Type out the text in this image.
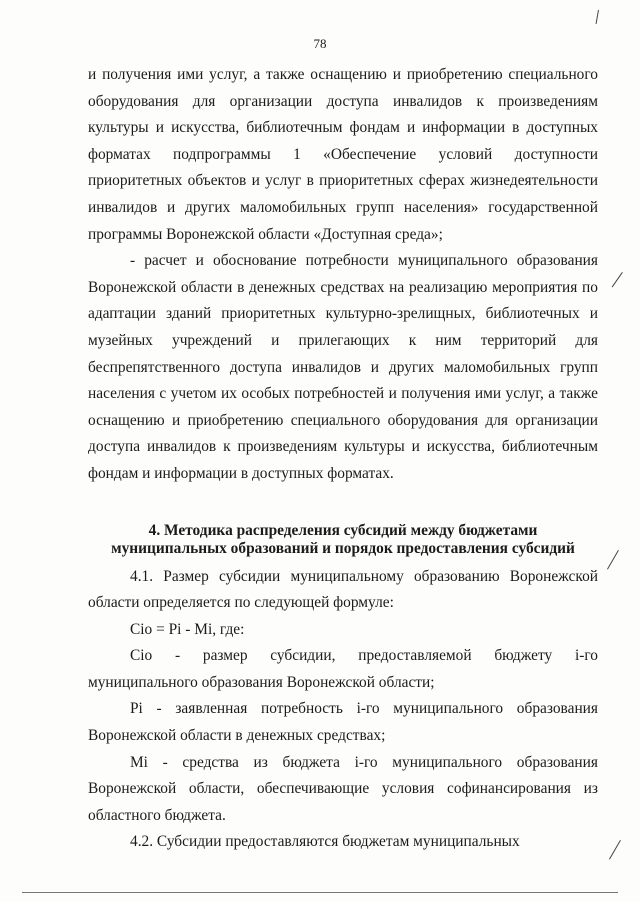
78

и получения ими услуг, а также оснащению и приобретению специального оборудования для организации доступа инвалидов к произведениям культуры и искусства, библиотечным фондам и информации в доступных форматах подпрограммы 1 «Обеспечение условий доступности приоритетных объектов и услуг в приоритетных сферах жизнедеятельности инвалидов и других маломобильных групп населения» государственной программы Воронежской области «Доступная среда»;

- расчет и обоснование потребности муниципального образования Воронежской области в денежных средствах на реализацию мероприятия по адаптации зданий приоритетных культурно-зрелищных, библиотечных и музейных учреждений и прилегающих к ним территорий для беспрепятственного доступа инвалидов и других маломобильных групп населения с учетом их особых потребностей и получения ими услуг, а также оснащению и приобретению специального оборудования для организации доступа инвалидов к произведениям культуры и искусства, библиотечным фондам и информации в доступных форматах.

4. Методика распределения субсидий между бюджетами
муниципальных образований и порядок предоставления субсидий

4.1. Размер субсидии муниципальному образованию Воронежской области определяется по следующей формуле:

Сio = Pi - Mi, где:

Сio - размер субсидии, предоставляемой бюджету i-го муниципального образования Воронежской области;

Pi - заявленная потребность i-го муниципального образования Воронежской области в денежных средствах;

Mi - средства из бюджета i-го муниципального образования Воронежской области, обеспечивающие условия софинансирования из областного бюджета.

4.2. Субсидии предоставляются бюджетам муниципальных
